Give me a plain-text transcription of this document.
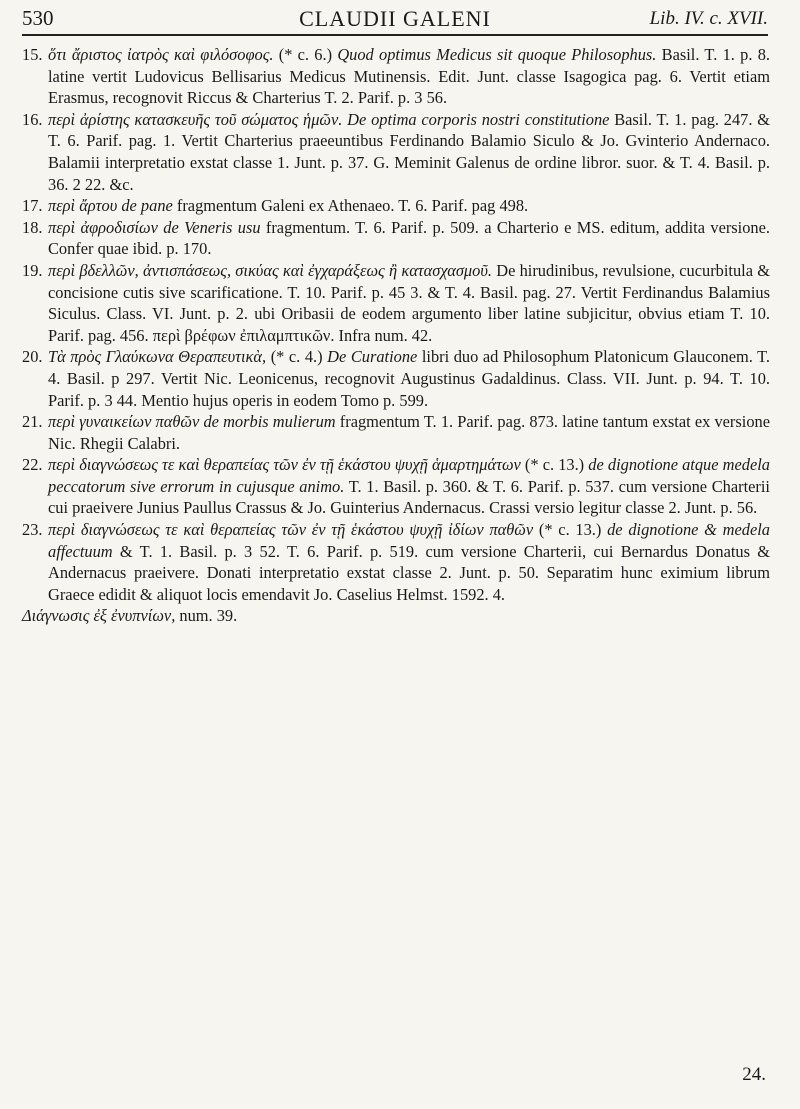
530	CLAUDII GALENI	Lib. IV. c. XVII.

15. ὅτι ἄριστος ἰατρὸς καὶ φιλόσοφος. (* c. 6.) Quod optimus Medicus sit quoque Philosophus. Basil. T. 1. p. 8. latine vertit Ludovicus Bellisarius Medicus Mutinensis. Edit. Junt. classe Isagogica pag. 6. Vertit etiam Erasmus, recognovit Riccus & Charterius T. 2. Parif. p. 3 56.

16. περὶ ἀρίστης κατασκευῆς τοῦ σώματος ἡμῶν. De optima corporis nostri constitutione Basil. T. 1. pag. 247. & T. 6. Parif. pag. 1. Vertit Charterius praeeuntibus Ferdinando Balamio Siculo & Jo. Gvinterio Andernaco. Balamii interpretatio exstat classe 1. Junt. p. 37. G. Meminit Galenus de ordine libror. suor. & T. 4. Basil. p. 36. 2 22. &c.

17. περὶ ἄρτου de pane fragmentum Galeni ex Athenaeo. T. 6. Parif. pag 498.

18. περὶ ἀφροδισίων de Veneris usu fragmentum. T. 6. Parif. p. 509. a Charterio e MS. editum, addita versione. Confer quae ibid. p. 170.

19. περὶ βδελλῶν, ἀντισπάσεως, σικύας καὶ ἐγχαράξεως ἢ κατασχασμοῦ. De hirudinibus, revulsione, cucurbitula & concisione cutis sive scarificatione. T. 10. Parif. p. 45 3. & T. 4. Basil. pag. 27. Vertit Ferdinandus Balamius Siculus. Class. VI. Junt. p. 2. ubi Oribasii de eodem argumento liber latine subjicitur, obvius etiam T. 10. Parif. pag. 456. περὶ βρέφων ἐπιλαμπτικῶν. Infra num. 42.

20. Τὰ πρὸς Γλαύκωνα Θεραπευτικὰ, (* c. 4.) De Curatione libri duo ad Philosophum Platonicum Glauconem. T. 4. Basil. p 297. Vertit Nic. Leonicenus, recognovit Augustinus Gadaldinus. Class. VII. Junt. p. 94. T. 10. Parif. p. 3 44. Mentio hujus operis in eodem Tomo p. 599.

21. περὶ γυναικείων παθῶν de morbis mulierum fragmentum T. 1. Parif. pag. 873. latine tantum exstat ex versione Nic. Rhegii Calabri.

22. περὶ διαγνώσεως τε καὶ θεραπείας τῶν ἐν τῇ ἑκάστου ψυχῇ ἁμαρτημάτων (* c. 13.) de dignotione atque medela peccatorum sive errorum in cujusque animo. T. 1. Basil. p. 360. & T. 6. Parif. p. 537. cum versione Charterii cui praeivere Junius Paullus Crassus & Jo. Guinterius Andernacus. Crassi versio legitur classe 2. Junt. p. 56.

23. περὶ διαγνώσεως τε καὶ θεραπείας τῶν ἐν τῇ ἑκάστου ψυχῇ ἰδίων παθῶν (* c. 13.) de dignotione & medela affectuum & T. 1. Basil. p. 3 52. T. 6. Parif. p. 519. cum versione Charterii, cui Bernardus Donatus & Andernacus praeivere. Donati interpretatio exstat classe 2. Junt. p. 50. Separatim hunc eximium librum Graece edidit & aliquot locis emendavit Jo. Caselius Helmst. 1592. 4.

Διάγνωσις ἐξ ἐνυπνίων, num. 39.

24.
